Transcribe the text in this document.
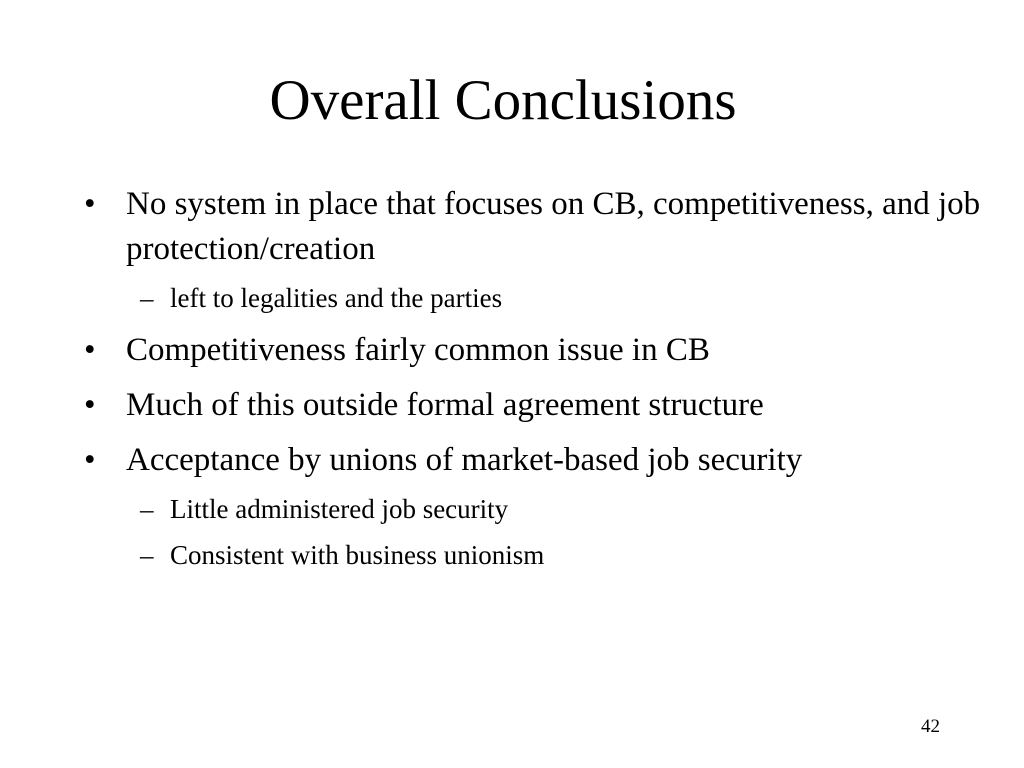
Overall Conclusions
• No system in place that focuses on CB, competitiveness, and job protection/creation
– left to legalities and the parties
• Competitiveness fairly common issue in CB
• Much of this outside formal agreement structure
• Acceptance by unions of market-based job security
– Little administered job security
– Consistent with business unionism
42
